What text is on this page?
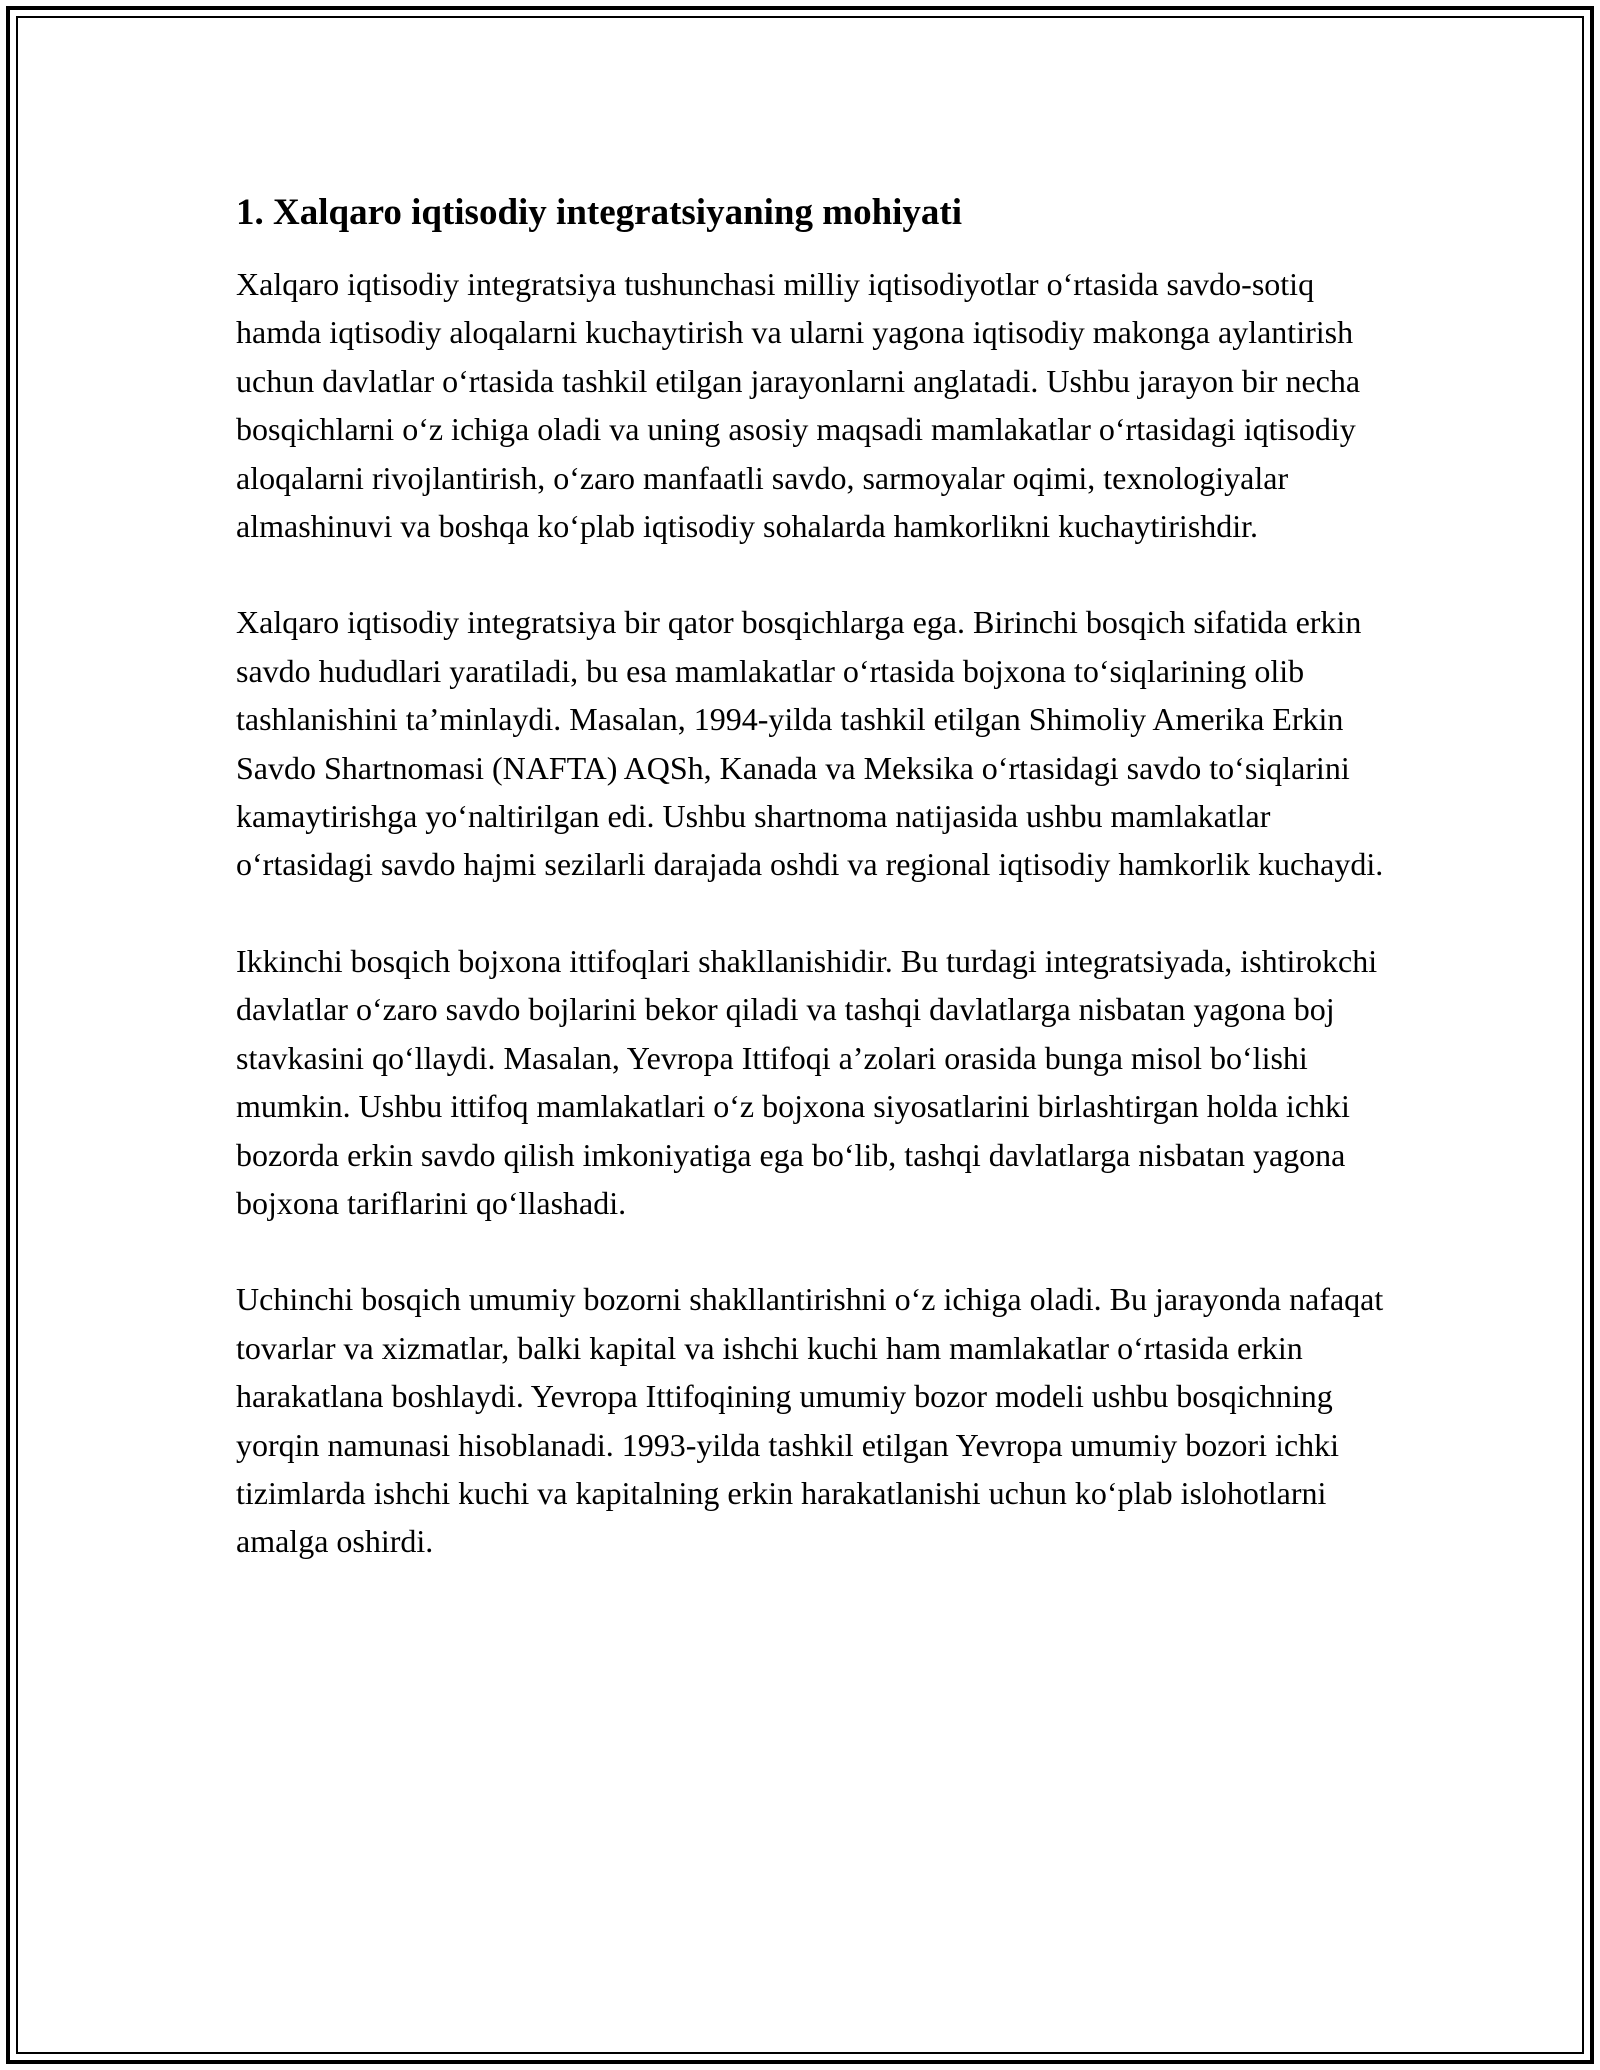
1. Xalqaro iqtisodiy integratsiyaning mohiyati

Xalqaro iqtisodiy integratsiya tushunchasi milliy iqtisodiyotlar o‘rtasida savdo-sotiq hamda iqtisodiy aloqalarni kuchaytirish va ularni yagona iqtisodiy makonga aylantirish uchun davlatlar o‘rtasida tashkil etilgan jarayonlarni anglatadi. Ushbu jarayon bir necha bosqichlarni o‘z ichiga oladi va uning asosiy maqsadi mamlakatlar o‘rtasidagi iqtisodiy aloqalarni rivojlantirish, o‘zaro manfaatli savdo, sarmoyalar oqimi, texnologiyalar almashinuvi va boshqa ko‘plab iqtisodiy sohalarda hamkorlikni kuchaytirishdir.

Xalqaro iqtisodiy integratsiya bir qator bosqichlarga ega. Birinchi bosqich sifatida erkin savdo hududlari yaratiladi, bu esa mamlakatlar o‘rtasida bojxona to‘siqlarining olib tashlanishini ta’minlaydi. Masalan, 1994-yilda tashkil etilgan Shimoliy Amerika Erkin Savdo Shartnomasi (NAFTA) AQSh, Kanada va Meksika o‘rtasidagi savdo to‘siqlarini kamaytirishga yo‘naltirilgan edi. Ushbu shartnoma natijasida ushbu mamlakatlar o‘rtasidagi savdo hajmi sezilarli darajada oshdi va regional iqtisodiy hamkorlik kuchaydi.

Ikkinchi bosqich bojxona ittifoqlari shakllanishidir. Bu turdagi integratsiyada, ishtirokchi davlatlar o‘zaro savdo bojlarini bekor qiladi va tashqi davlatlarga nisbatan yagona boj stavkasini qo‘llaydi. Masalan, Yevropa Ittifoqi a’zolari orasida bunga misol bo‘lishi mumkin. Ushbu ittifoq mamlakatlari o‘z bojxona siyosatlarini birlashtirgan holda ichki bozorda erkin savdo qilish imkoniyatiga ega bo‘lib, tashqi davlatlarga nisbatan yagona bojxona tariflarini qo‘llashadi.

Uchinchi bosqich umumiy bozorni shakllantirishni o‘z ichiga oladi. Bu jarayonda nafaqat tovarlar va xizmatlar, balki kapital va ishchi kuchi ham mamlakatlar o‘rtasida erkin harakatlana boshlaydi. Yevropa Ittifoqining umumiy bozor modeli ushbu bosqichning yorqin namunasi hisoblanadi. 1993-yilda tashkil etilgan Yevropa umumiy bozori ichki tizimlarda ishchi kuchi va kapitalning erkin harakatlanishi uchun ko‘plab islohotlarni amalga oshirdi.
